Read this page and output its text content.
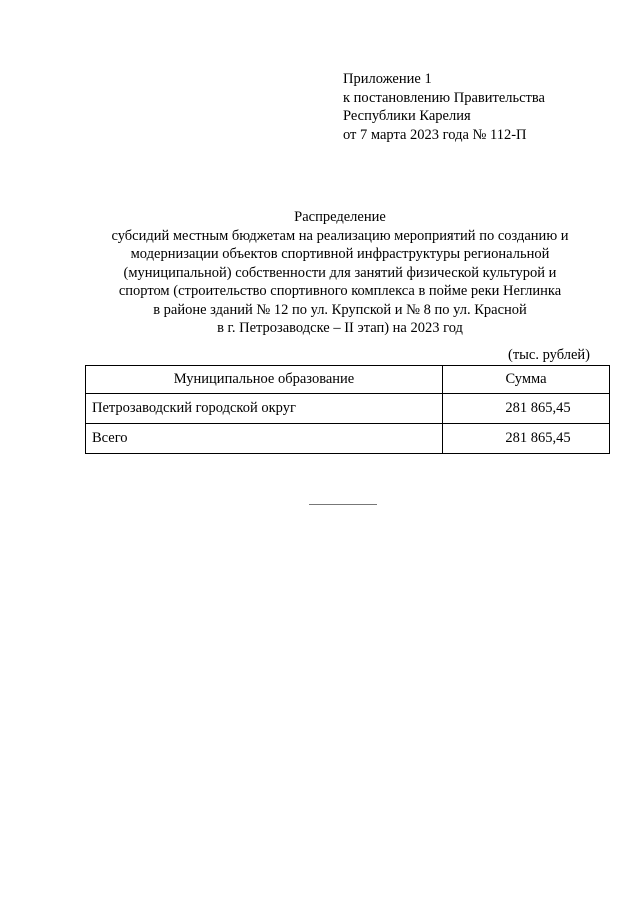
Приложение 1
к постановлению Правительства
Республики Карелия
от 7 марта 2023 года № 112-П
Распределение
субсидий местным бюджетам на реализацию мероприятий по созданию и
модернизации объектов спортивной инфраструктуры региональной
(муниципальной) собственности для занятий физической культурой и
спортом (строительство спортивного комплекса в пойме реки Неглинка
в районе зданий № 12 по ул. Крупской и № 8 по ул. Красной
в г. Петрозаводске – II этап) на 2023 год
(тыс. рублей)
Муниципальное образование	Сумма
Петрозаводский городской округ	281 865,45
Всего	281 865,45
